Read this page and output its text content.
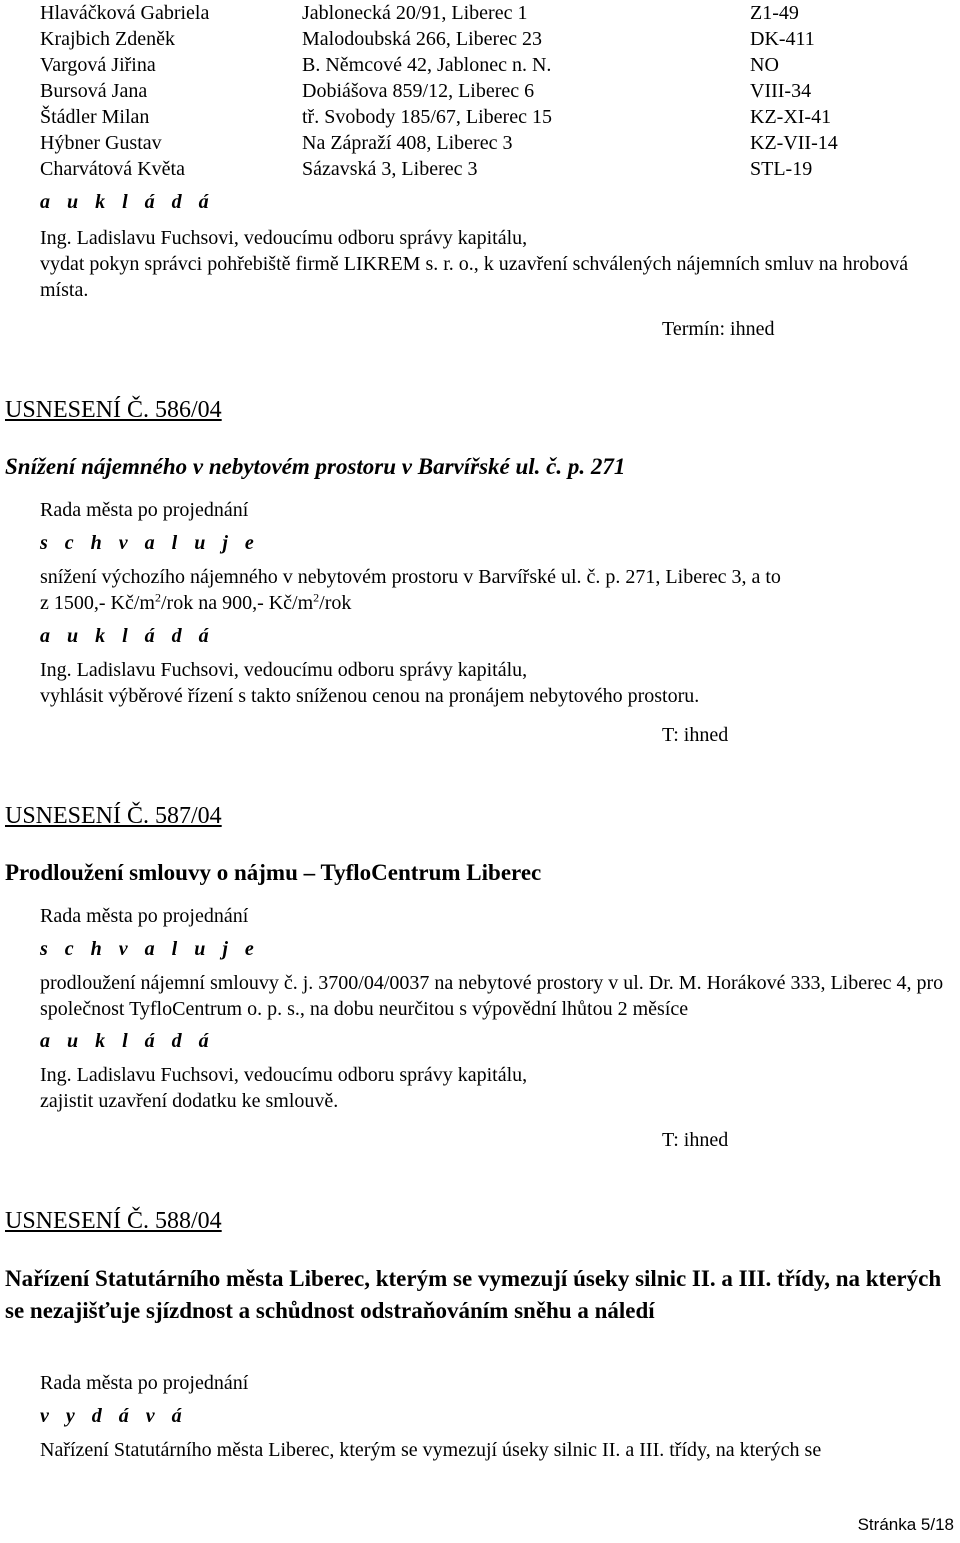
Hlaváčková Gabriela	Jablonecká 20/91, Liberec 1	Z1-49
Krajbich Zdeněk	Malodoubská 266, Liberec 23	DK-411
Vargová Jiřina	B. Němcové 42, Jablonec n. N.	NO
Bursová Jana	Dobiášova 859/12, Liberec 6	VIII-34
Štádler Milan	tř. Svobody 185/67, Liberec 15	KZ-XI-41
Hýbner Gustav	Na Zápraží 408, Liberec 3	KZ-VII-14
Charvátová Květa	Sázavská 3, Liberec 3	STL-19
a u k l á d á
Ing. Ladislavu Fuchsovi, vedoucímu odboru správy kapitálu,
vydat pokyn správci pohřebiště firmě LIKREM s. r. o., k uzavření schválených nájemních smluv na hrobová místa.
Termín: ihned
USNESENÍ Č. 586/04
Snížení nájemného v nebytovém prostoru v Barvířské ul. č. p. 271
Rada města po projednání
s c h v a l u j e
snížení výchozího nájemného v nebytovém prostoru v Barvířské ul. č. p. 271, Liberec 3, a to
z 1500,- $Kč/m^2$/rok na 900,- $Kč/m^2$/rok
a u k l á d á
Ing. Ladislavu Fuchsovi, vedoucímu odboru správy kapitálu,
vyhlásit výběrové řízení s takto sníženou cenou na pronájem nebytového prostoru.
T: ihned
USNESENÍ Č. 587/04
Prodloužení smlouvy o nájmu – TyfloCentrum Liberec
Rada města po projednání
s c h v a l u j e
prodloužení nájemní smlouvy č. j. 3700/04/0037 na nebytové prostory v ul. Dr. M. Horákové 333, Liberec 4, pro společnost TyfloCentrum o. p. s., na dobu neurčitou s výpovědní lhůtou 2 měsíce
a u k l á d á
Ing. Ladislavu Fuchsovi, vedoucímu odboru správy kapitálu,
zajistit uzavření dodatku ke smlouvě.
T: ihned
USNESENÍ Č. 588/04
Nařízení Statutárního města Liberec, kterým se vymezují úseky silnic II. a III. třídy, na kterých se nezajišťuje sjízdnost a schůdnost odstraňováním sněhu a náledí
Rada města po projednání
v y d á v á
Nařízení Statutárního města Liberec, kterým se vymezují úseky silnic II. a III. třídy, na kterých se
Stránka 5/18
